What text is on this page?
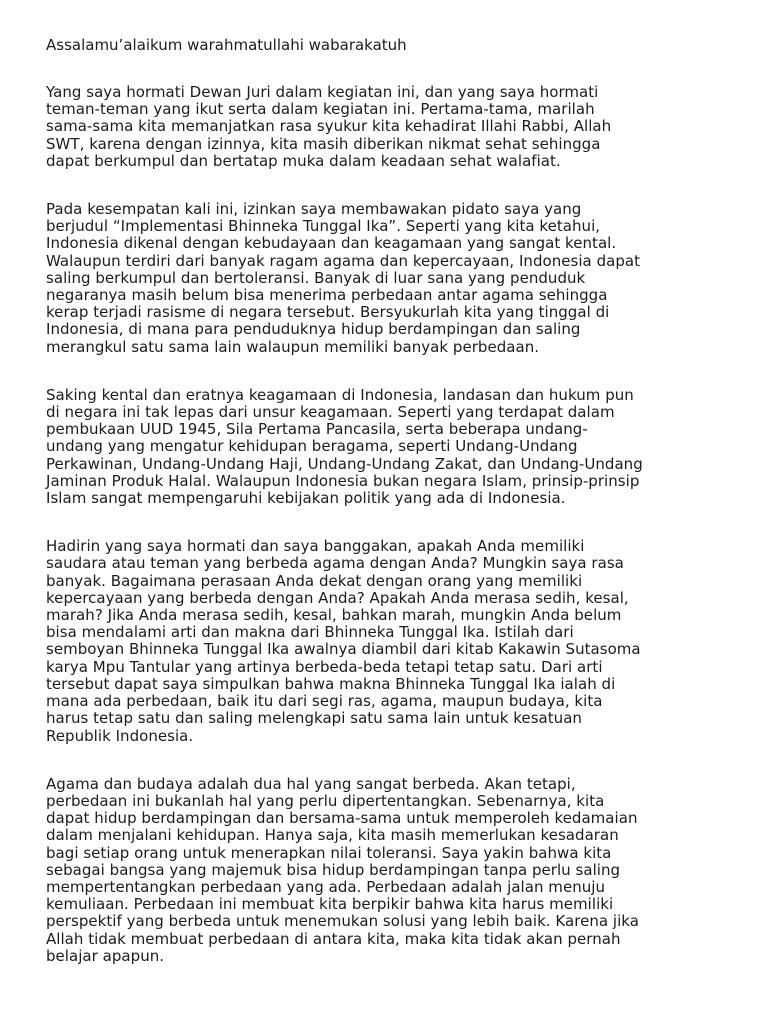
Assalamu’alaikum warahmatullahi wabarakatuh
Yang saya hormati Dewan Juri dalam kegiatan ini, dan yang saya hormati
teman-teman yang ikut serta dalam kegiatan ini. Pertama-tama, marilah
sama-sama kita memanjatkan rasa syukur kita kehadirat Illahi Rabbi, Allah
SWT, karena dengan izinnya, kita masih diberikan nikmat sehat sehingga
dapat berkumpul dan bertatap muka dalam keadaan sehat walafiat.
Pada kesempatan kali ini, izinkan saya membawakan pidato saya yang
berjudul “Implementasi Bhinneka Tunggal Ika”. Seperti yang kita ketahui,
Indonesia dikenal dengan kebudayaan dan keagamaan yang sangat kental.
Walaupun terdiri dari banyak ragam agama dan kepercayaan, Indonesia dapat
saling berkumpul dan bertoleransi. Banyak di luar sana yang penduduk
negaranya masih belum bisa menerima perbedaan antar agama sehingga
kerap terjadi rasisme di negara tersebut. Bersyukurlah kita yang tinggal di
Indonesia, di mana para penduduknya hidup berdampingan dan saling
merangkul satu sama lain walaupun memiliki banyak perbedaan.
Saking kental dan eratnya keagamaan di Indonesia, landasan dan hukum pun
di negara ini tak lepas dari unsur keagamaan. Seperti yang terdapat dalam
pembukaan UUD 1945, Sila Pertama Pancasila, serta beberapa undang-
undang yang mengatur kehidupan beragama, seperti Undang-Undang
Perkawinan, Undang-Undang Haji, Undang-Undang Zakat, dan Undang-Undang
Jaminan Produk Halal. Walaupun Indonesia bukan negara Islam, prinsip-prinsip
Islam sangat mempengaruhi kebijakan politik yang ada di Indonesia.
Hadirin yang saya hormati dan saya banggakan, apakah Anda memiliki
saudara atau teman yang berbeda agama dengan Anda? Mungkin saya rasa
banyak. Bagaimana perasaan Anda dekat dengan orang yang memiliki
kepercayaan yang berbeda dengan Anda? Apakah Anda merasa sedih, kesal,
marah? Jika Anda merasa sedih, kesal, bahkan marah, mungkin Anda belum
bisa mendalami arti dan makna dari Bhinneka Tunggal Ika. Istilah dari
semboyan Bhinneka Tunggal Ika awalnya diambil dari kitab Kakawin Sutasoma
karya Mpu Tantular yang artinya berbeda-beda tetapi tetap satu. Dari arti
tersebut dapat saya simpulkan bahwa makna Bhinneka Tunggal Ika ialah di
mana ada perbedaan, baik itu dari segi ras, agama, maupun budaya, kita
harus tetap satu dan saling melengkapi satu sama lain untuk kesatuan
Republik Indonesia.
Agama dan budaya adalah dua hal yang sangat berbeda. Akan tetapi,
perbedaan ini bukanlah hal yang perlu dipertentangkan. Sebenarnya, kita
dapat hidup berdampingan dan bersama-sama untuk memperoleh kedamaian
dalam menjalani kehidupan. Hanya saja, kita masih memerlukan kesadaran
bagi setiap orang untuk menerapkan nilai toleransi. Saya yakin bahwa kita
sebagai bangsa yang majemuk bisa hidup berdampingan tanpa perlu saling
mempertentangkan perbedaan yang ada. Perbedaan adalah jalan menuju
kemuliaan. Perbedaan ini membuat kita berpikir bahwa kita harus memiliki
perspektif yang berbeda untuk menemukan solusi yang lebih baik. Karena jika
Allah tidak membuat perbedaan di antara kita, maka kita tidak akan pernah
belajar apapun.
